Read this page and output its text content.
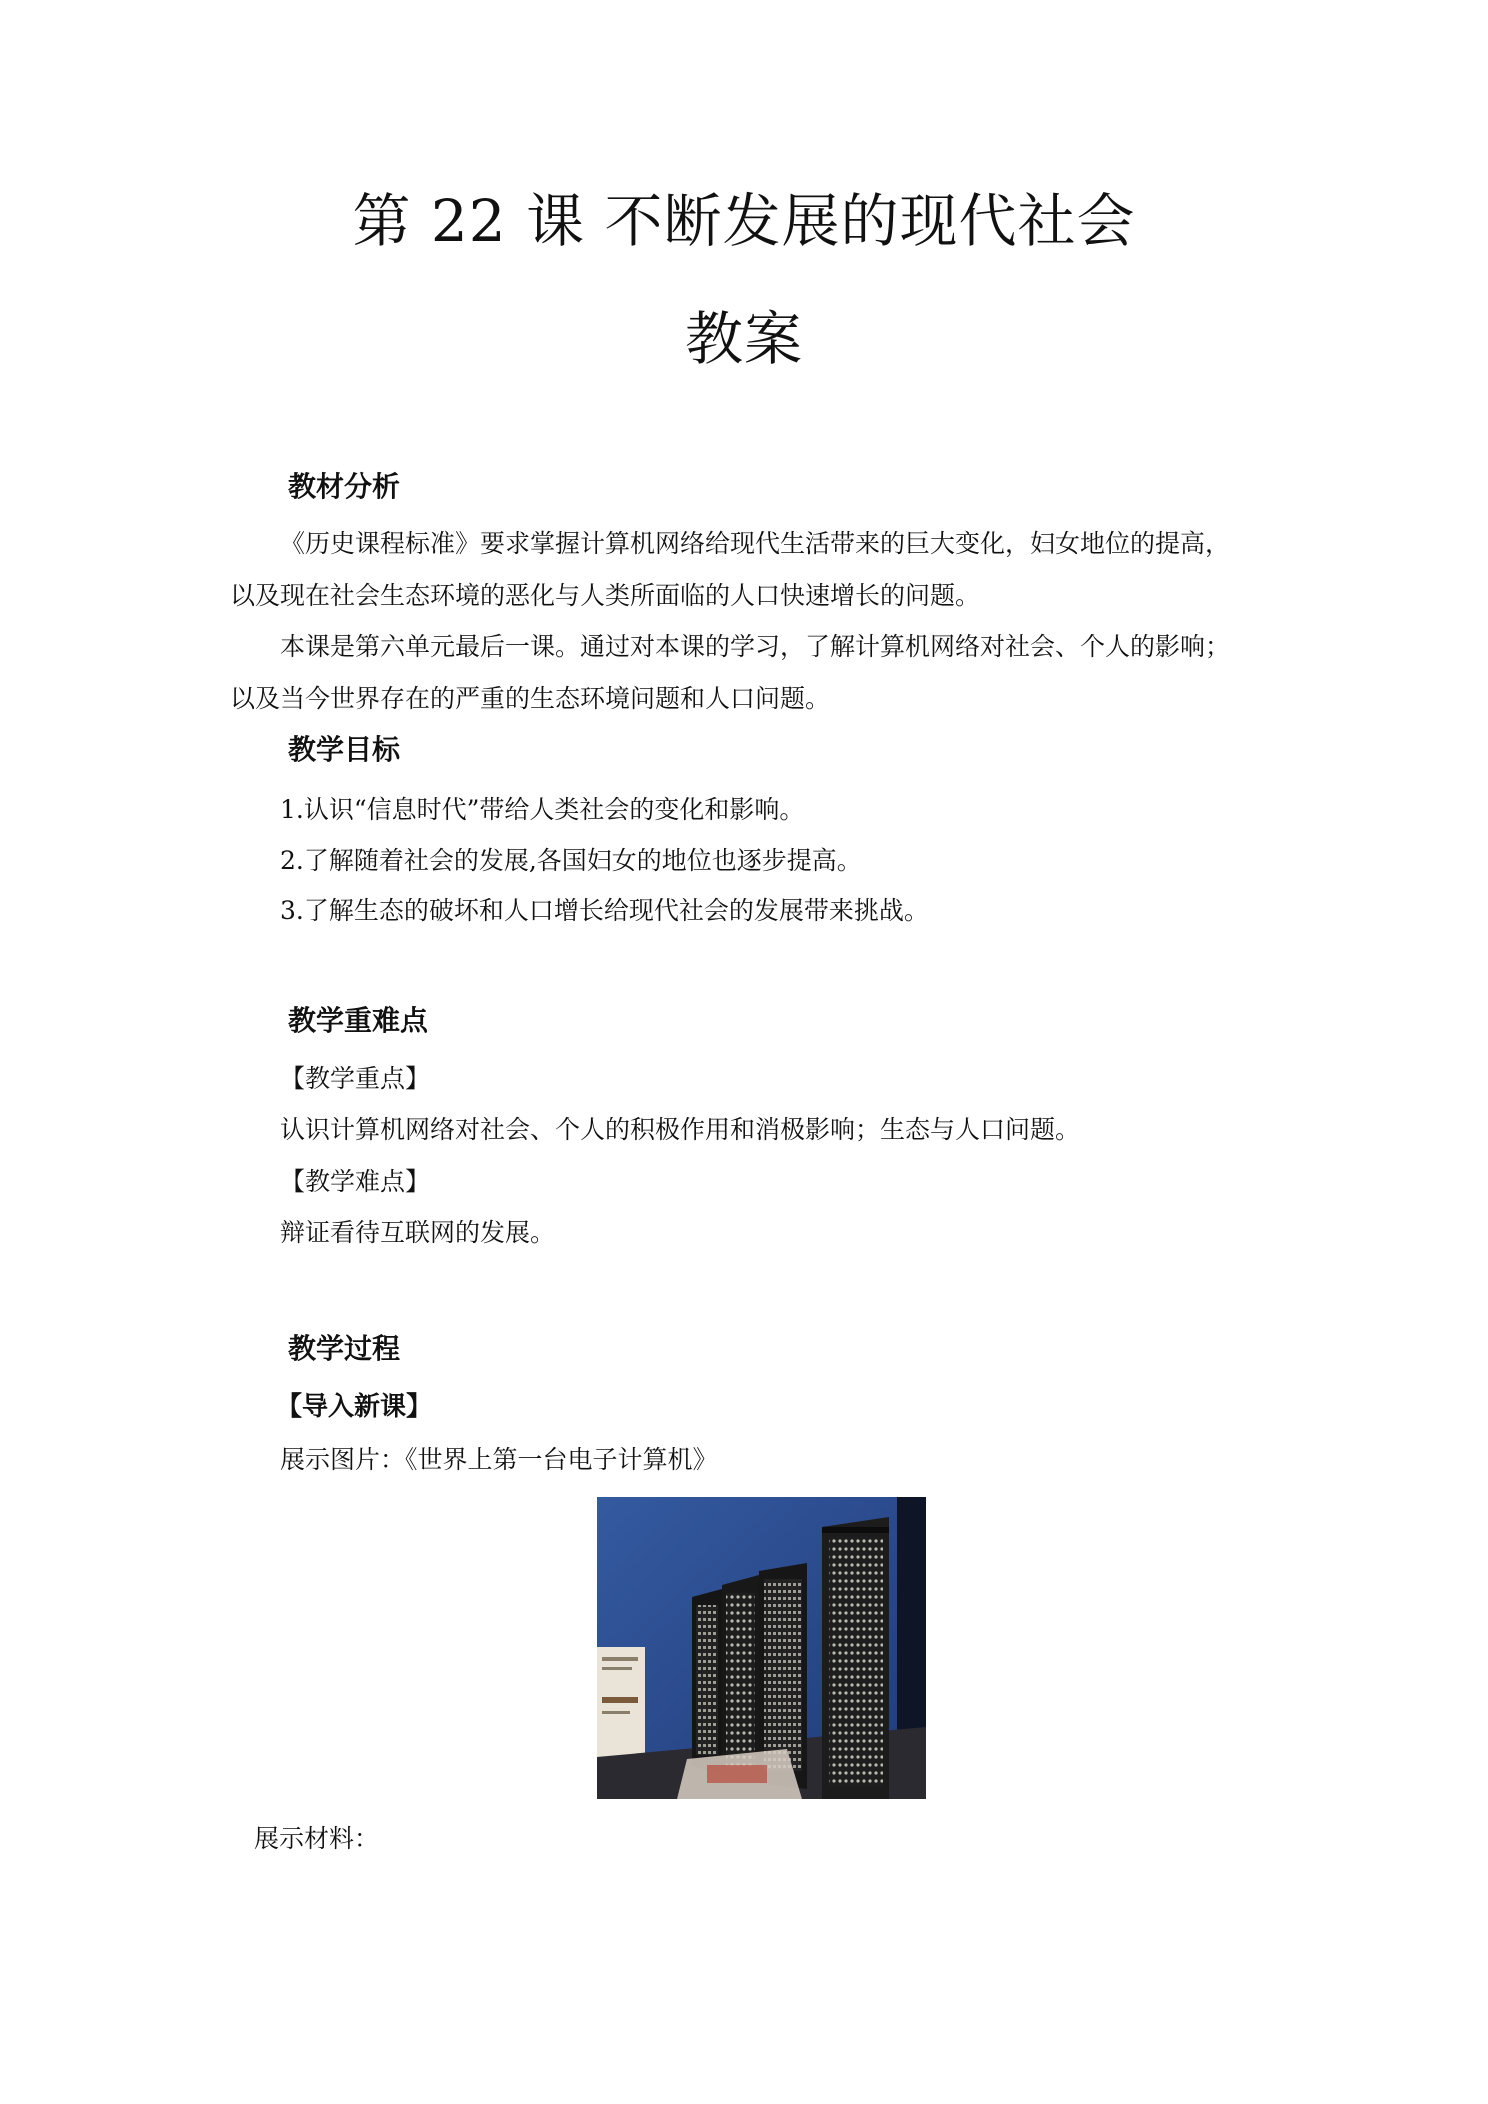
第 22 课 不断发展的现代社会
教案
教材分析
《历史课程标准》要求掌握计算机网络给现代生活带来的巨大变化，妇女地位的提高，
以及现在社会生态环境的恶化与人类所面临的人口快速增长的问题。
本课是第六单元最后一课。通过对本课的学习，了解计算机网络对社会、个人的影响；
以及当今世界存在的严重的生态环境问题和人口问题。
教学目标
1.认识“信息时代”带给人类社会的变化和影响。
2.了解随着社会的发展,各国妇女的地位也逐步提高。
3.了解生态的破坏和人口增长给现代社会的发展带来挑战。
教学重难点
【教学重点】
认识计算机网络对社会、个人的积极作用和消极影响；生态与人口问题。
【教学难点】
辩证看待互联网的发展。
教学过程
【导入新课】
展示图片：《世界上第一台电子计算机》
展示材料：
